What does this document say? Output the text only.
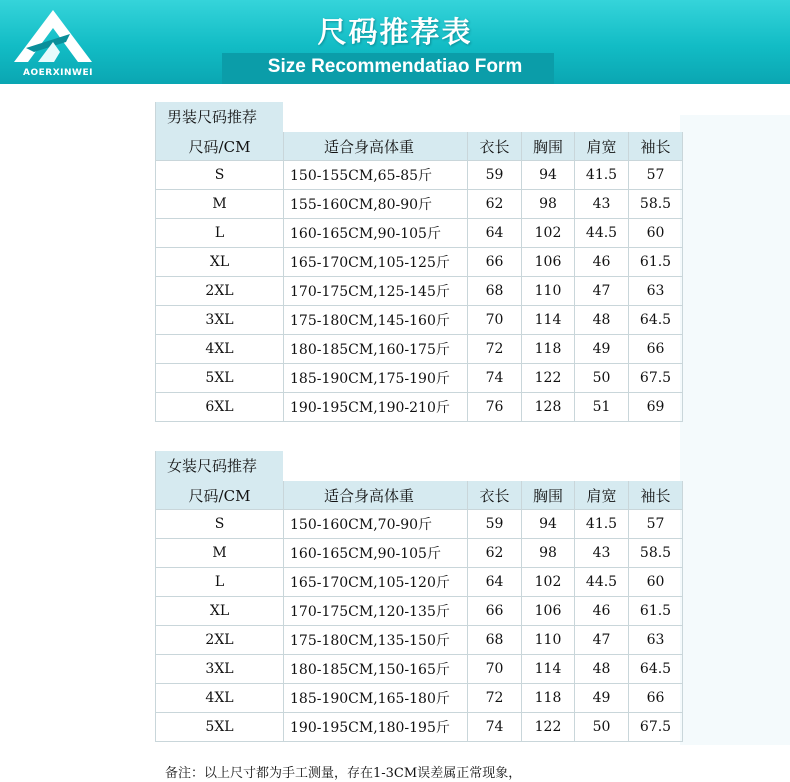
AOERXINWEI
尺码推荐表
Size Recommendatiao Form
男装尺码推荐
尺码/CM	适合身高体重	衣长	胸围	肩宽	袖长
S	150-155CM,65-85斤	59	94	41.5	57
M	155-160CM,80-90斤	62	98	43	58.5
L	160-165CM,90-105斤	64	102	44.5	60
XL	165-170CM,105-125斤	66	106	46	61.5
2XL	170-175CM,125-145斤	68	110	47	63
3XL	175-180CM,145-160斤	70	114	48	64.5
4XL	180-185CM,160-175斤	72	118	49	66
5XL	185-190CM,175-190斤	74	122	50	67.5
6XL	190-195CM,190-210斤	76	128	51	69
女装尺码推荐
尺码/CM	适合身高体重	衣长	胸围	肩宽	袖长
S	150-160CM,70-90斤	59	94	41.5	57
M	160-165CM,90-105斤	62	98	43	58.5
L	165-170CM,105-120斤	64	102	44.5	60
XL	170-175CM,120-135斤	66	106	46	61.5
2XL	175-180CM,135-150斤	68	110	47	63
3XL	180-185CM,150-165斤	70	114	48	64.5
4XL	185-190CM,165-180斤	72	118	49	66
5XL	190-195CM,180-195斤	74	122	50	67.5
备注：以上尺寸都为手工测量，存在1-3CM误差属正常现象，
